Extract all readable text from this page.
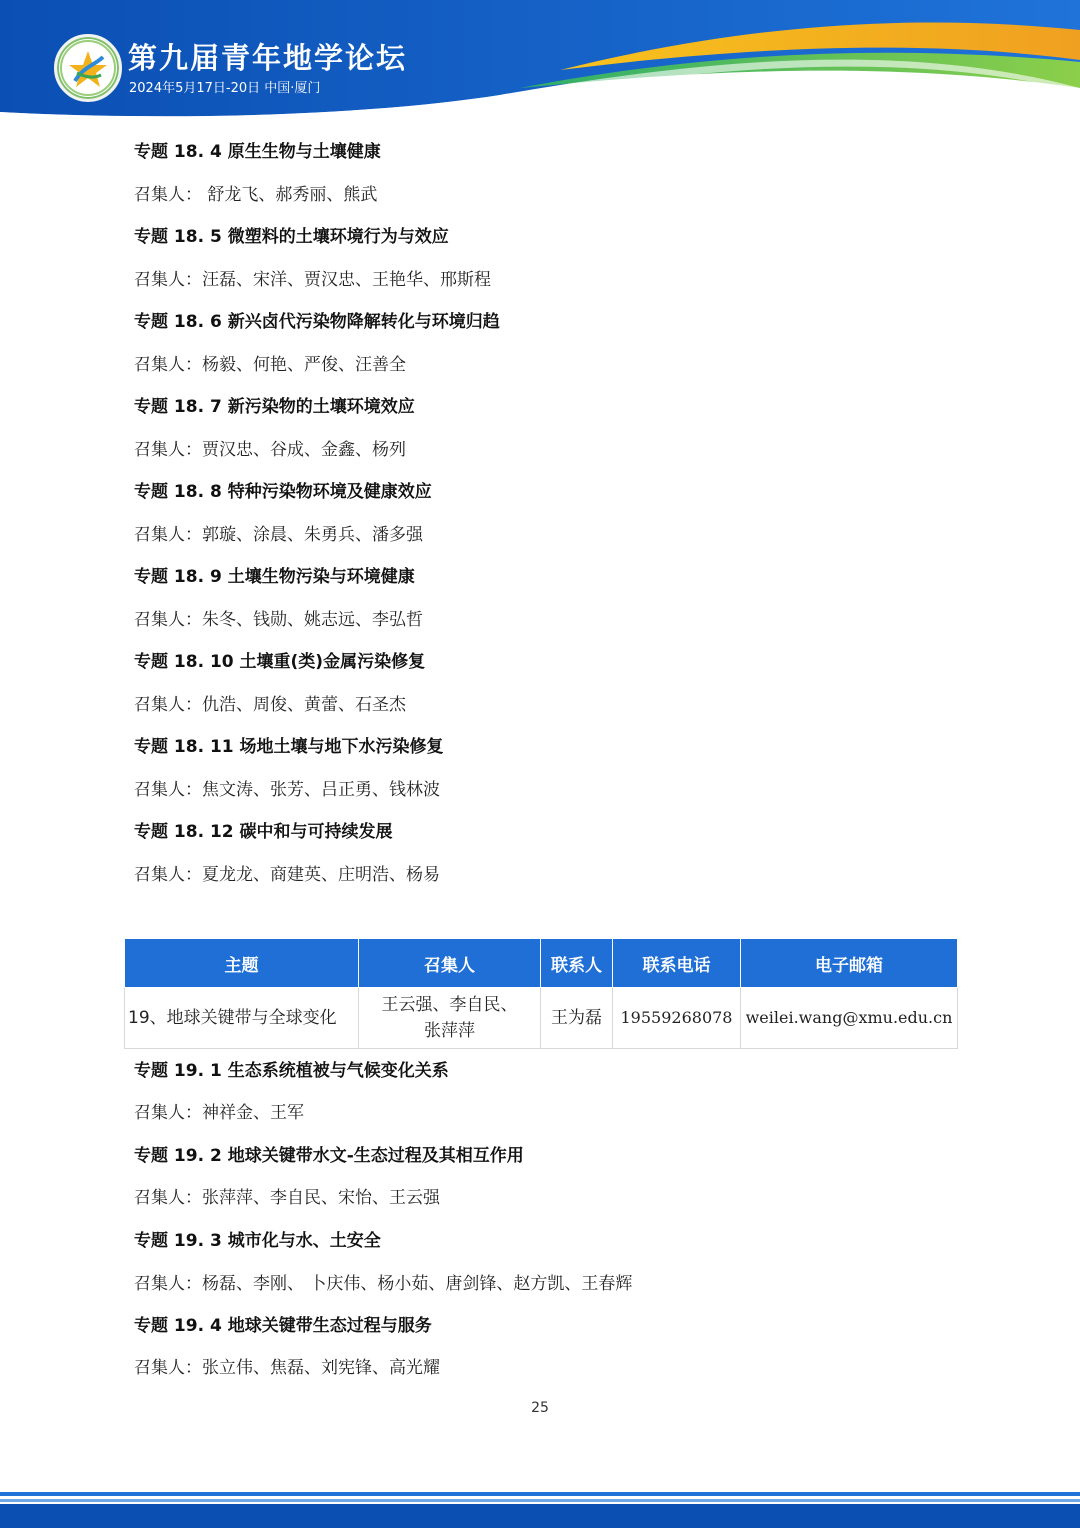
第九届青年地学论坛
2024年5月17日-20日 中国·厦门
专题 18. 4 原生生物与土壤健康
召集人： 舒龙飞、郝秀丽、熊武
专题 18. 5 微塑料的土壤环境行为与效应
召集人：汪磊、宋洋、贾汉忠、王艳华、邢斯程
专题 18. 6 新兴卤代污染物降解转化与环境归趋
召集人：杨毅、何艳、严俊、汪善全
专题 18. 7 新污染物的土壤环境效应
召集人：贾汉忠、谷成、金鑫、杨列
专题 18. 8 特种污染物环境及健康效应
召集人：郭璇、涂晨、朱勇兵、潘多强
专题 18. 9 土壤生物污染与环境健康
召集人：朱冬、钱勋、姚志远、李弘哲
专题 18. 10 土壤重(类)金属污染修复
召集人：仇浩、周俊、黄蕾、石圣杰
专题 18. 11 场地土壤与地下水污染修复
召集人：焦文涛、张芳、吕正勇、钱林波
专题 18. 12 碳中和与可持续发展
召集人：夏龙龙、商建英、庄明浩、杨易
主题	召集人	联系人	联系电话	电子邮箱
19、地球关键带与全球变化	王云强、李自民、
张萍萍	王为磊	19559268078	weilei.wang@xmu.edu.cn
专题 19. 1 生态系统植被与气候变化关系
召集人：神祥金、王军
专题 19. 2 地球关键带水文-生态过程及其相互作用
召集人：张萍萍、李自民、宋怡、王云强
专题 19. 3 城市化与水、土安全
召集人：杨磊、李刚、 卜庆伟、杨小茹、唐剑锋、赵方凯、王春辉
专题 19. 4 地球关键带生态过程与服务
召集人：张立伟、焦磊、刘宪锋、高光耀
25
